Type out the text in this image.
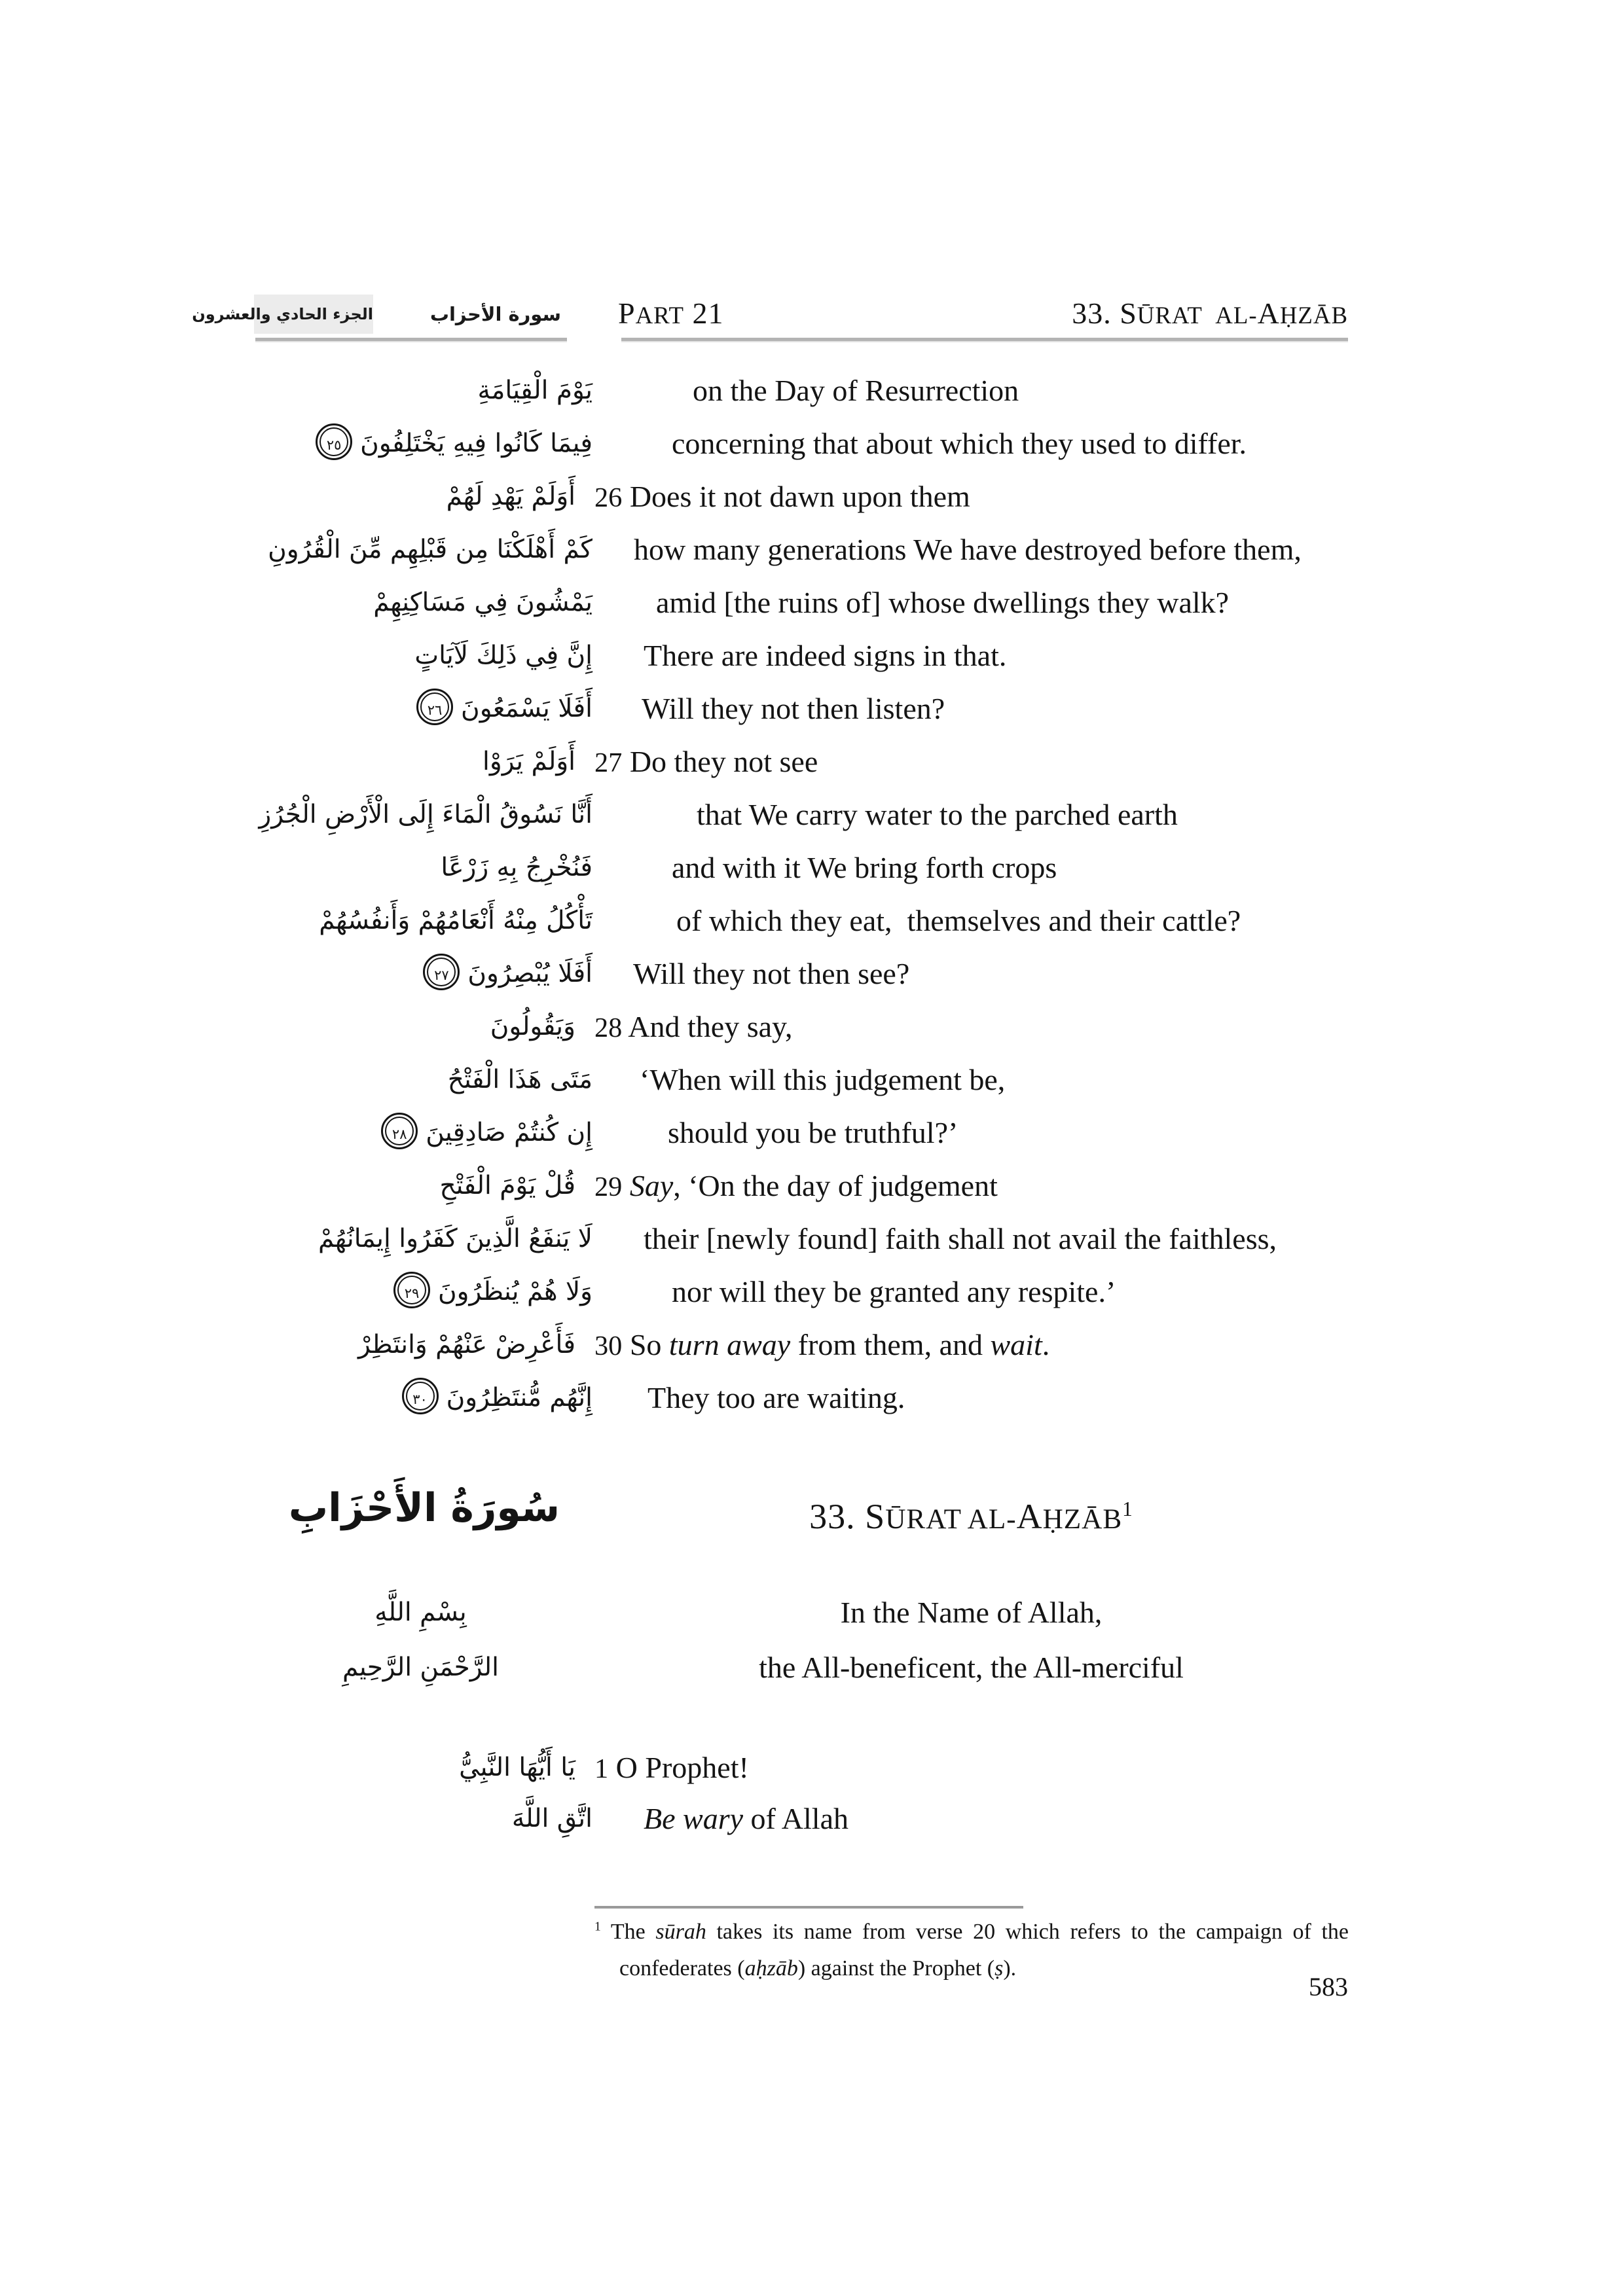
الجزء الحادي والعشرون	سورة الأحزاب PART 21	33. SŪRAT  AL-AḤZĀB
يَوْمَ الْقِيَامَةِ	on the Day of Resurrection
فِيمَا كَانُوا فِيهِ يَخْتَلِفُونَ٢٥	concerning that about which they used to differ.
أَوَلَمْ يَهْدِ لَهُمْ 26 Does it not dawn upon them
كَمْ أَهْلَكْنَا مِن قَبْلِهِم مِّنَ الْقُرُونِ how many generations We have destroyed before them,
يَمْشُونَ فِي مَسَاكِنِهِمْ amid [the ruins of] whose dwellings they walk?
إِنَّ فِي ذَلِكَ لَآيَاتٍ There are indeed signs in that.
أَفَلَا يَسْمَعُونَ٢٦	Will they not then listen?
أَوَلَمْ يَرَوْا 27 Do they not see
أَنَّا نَسُوقُ الْمَاءَ إِلَى الْأَرْضِ الْجُرُزِ	that We carry water to the parched earth
فَنُخْرِجُ بِهِ زَرْعًا	and with it We bring forth crops
تَأْكُلُ مِنْهُ أَنْعَامُهُمْ وَأَنفُسُهُمْ	of which they eat, themselves and their cattle?
أَفَلَا يُبْصِرُونَ٢٧	Will they not then see?
وَيَقُولُونَ 28 And they say,
مَتَى هَذَا الْفَتْحُ ‘When will this judgement be,
إِن كُنتُمْ صَادِقِينَ٢٨	should you be truthful?’
قُلْ يَوْمَ الْفَتْحِ 29 Say, ‘On the day of judgement
لَا يَنفَعُ الَّذِينَ كَفَرُوا إِيمَانُهُمْ their [newly found] faith shall not avail the faithless,
وَلَا هُمْ يُنظَرُونَ٢٩	nor will they be granted any respite.’
فَأَعْرِضْ عَنْهُمْ وَانتَظِرْ 30 So turn away from them, and wait.
إِنَّهُم مُّنتَظِرُونَ٣٠	They too are waiting.
سُورَةُ الأَحْزَابِ	33. SŪRAT AL-AḤZĀB$^1$
بِسْمِ اللَّهِ	In the Name of Allah,
الرَّحْمَنِ الرَّحِيمِ	the All-beneficent, the All-merciful
يَا أَيُّهَا النَّبِيُّ 1 O Prophet!
اتَّقِ اللَّهَ Be wary of Allah
$^1$ The sūrah takes its name from verse 20 which refers to the campaign of the
confederates (aḥzāb) against the Prophet (ṣ).
583
